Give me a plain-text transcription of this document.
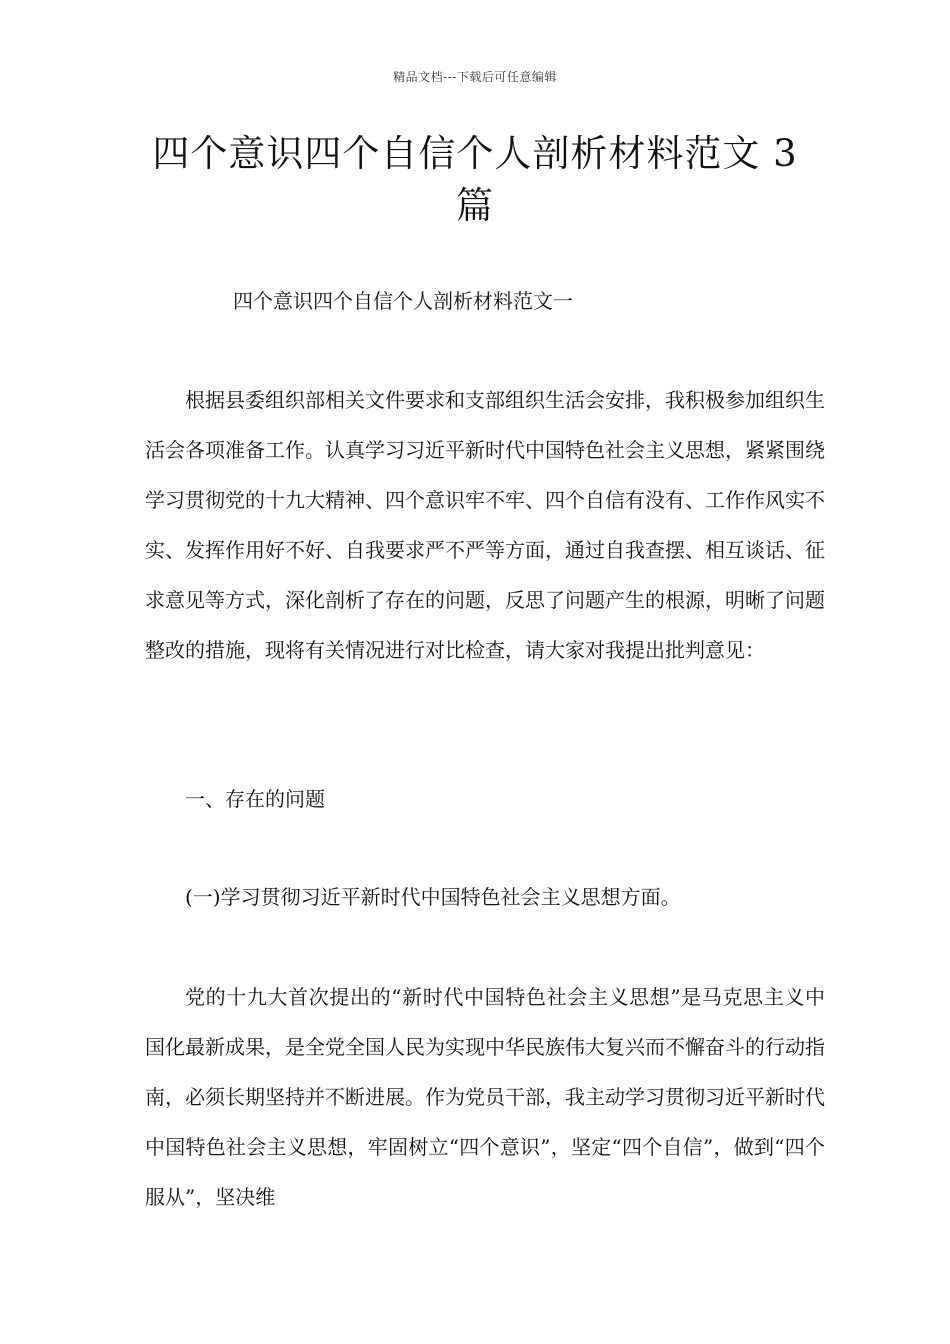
精品文档---下载后可任意编辑
四个意识四个自信个人剖析材料范文 3 篇
四个意识四个自信个人剖析材料范文一

根据县委组织部相关文件要求和支部组织生活会安排，我积极参加组织生活会各项准备工作。认真学习习近平新时代中国特色社会主义思想，紧紧围绕学习贯彻党的十九大精神、四个意识牢不牢、四个自信有没有、工作作风实不实、发挥作用好不好、自我要求严不严等方面，通过自我查摆、相互谈话、征求意见等方式，深化剖析了存在的问题，反思了问题产生的根源，明晰了问题整改的措施，现将有关情况进行对比检查，请大家对我提出批判意见：

一、存在的问题

(一)学习贯彻习近平新时代中国特色社会主义思想方面。

党的十九大首次提出的“新时代中国特色社会主义思想”是马克思主义中国化最新成果，是全党全国人民为实现中华民族伟大复兴而不懈奋斗的行动指南，必须长期坚持并不断进展。作为党员干部，我主动学习贯彻习近平新时代中国特色社会主义思想，牢固树立“四个意识”，坚定“四个自信”，做到“四个服从”，坚决维
